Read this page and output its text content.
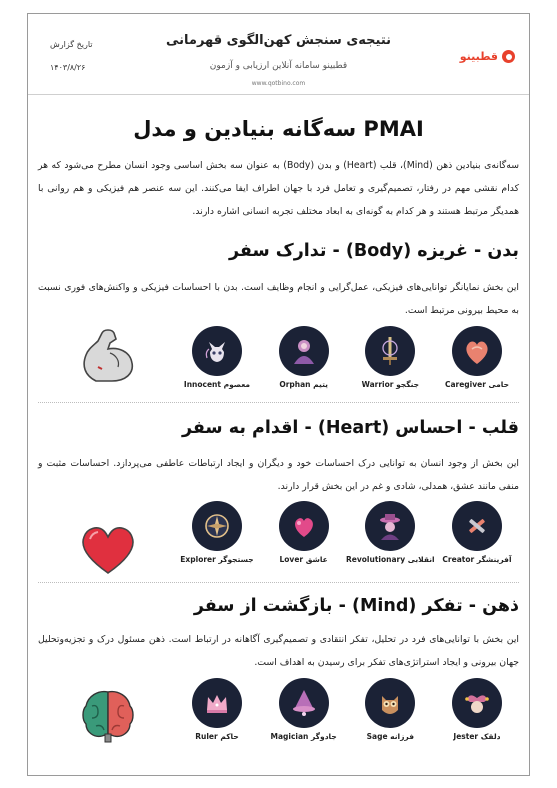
تاریخ گزارش
۱۴۰۳/۸/۲۶
نتیجه‌ی سنجش کهن‌الگوی قهرمانی
قطبینو سامانه آنلاین ارزیابی و آزمون
www.qotbino.com
قطبینو
سه‌گانه بنیادین و مدل PMAI
سه‌گانه‌ی بنیادین ذهن (Mind)، قلب (Heart) و بدن (Body) به عنوان سه بخش اساسی وجود انسان مطرح می‌شود که هر کدام نقشی مهم در رفتار، تصمیم‌گیری و تعامل فرد با جهان اطراف ایفا می‌کنند. این سه عنصر هم فیزیکی و هم روانی با همدیگر مرتبط هستند و هر کدام به گونه‌ای به ابعاد مختلف تجربه انسانی اشاره دارند.
بدن - غریزه (Body) - تدارک سفر
این بخش نمایانگر توانایی‌های فیزیکی، عمل‌گرایی و انجام وظایف است. بدن با احساسات فیزیکی و واکنش‌های فوری نسبت به محیط بیرونی مرتبط است.
حامی Caregiver
جنگجو Warrior
یتیم Orphan
معصوم Innocent
قلب - احساس (Heart) - اقدام به سفر
این بخش از وجود انسان به توانایی درک احساسات خود و دیگران و ایجاد ارتباطات عاطفی می‌پردازد. احساسات مثبت و منفی مانند عشق، همدلی، شادی و غم در این بخش قرار دارند.
آفرینشگر Creator
انقلابی Revolutionary
عاشق Lover
جستجوگر Explorer
ذهن - تفکر (Mind) - بازگشت از سفر
این بخش با توانایی‌های فرد در تحلیل، تفکر انتقادی و تصمیم‌گیری آگاهانه در ارتباط است. ذهن مسئول درک و تجزیه‌وتحلیل جهان بیرونی و ایجاد استراتژی‌های تفکر برای رسیدن به اهداف است.
دلقک Jester
فرزانه Sage
جادوگر Magician
حاکم Ruler
